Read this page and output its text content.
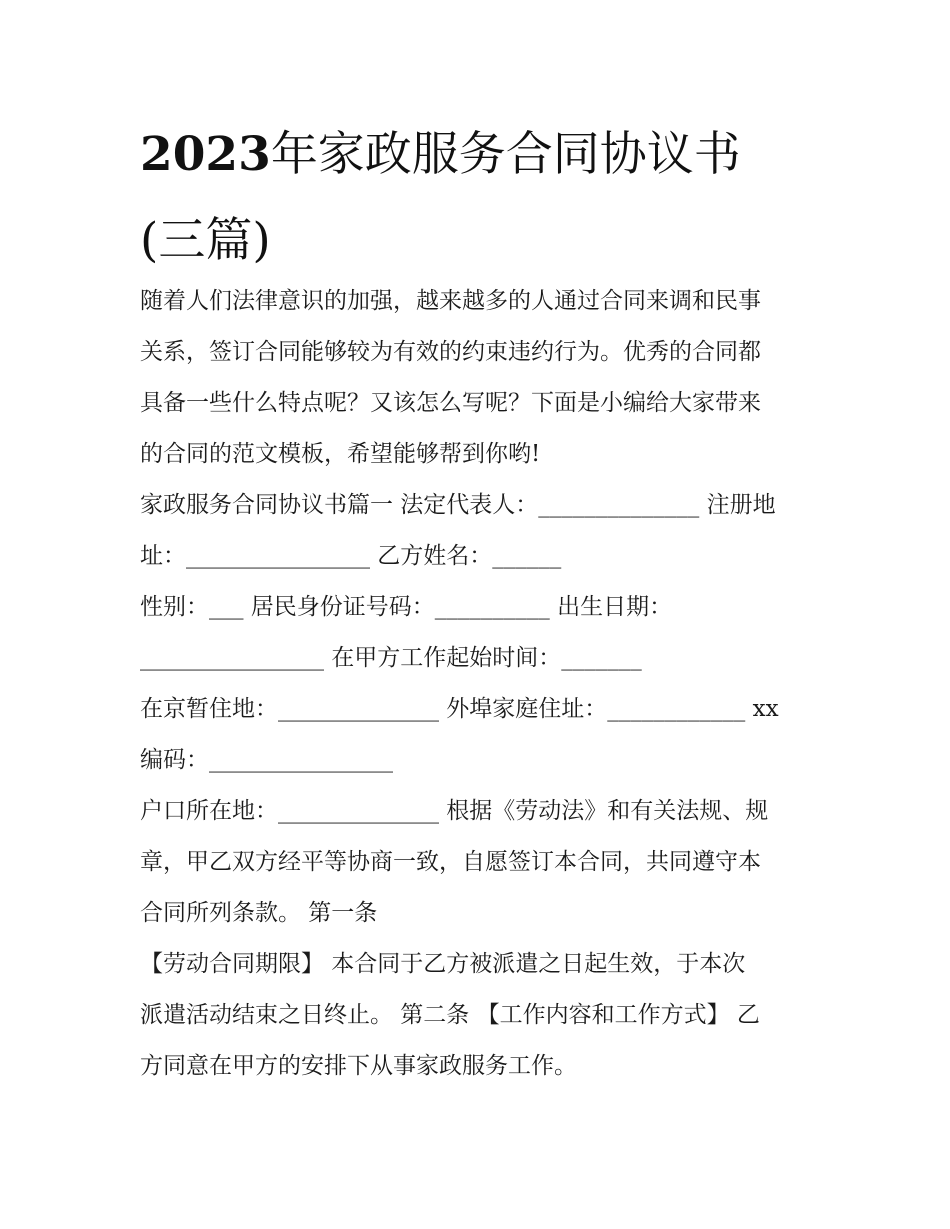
2023年家政服务合同协议书
(三篇)

随着人们法律意识的加强，越来越多的人通过合同来调和民事
关系，签订合同能够较为有效的约束违约行为。优秀的合同都
具备一些什么特点呢？又该怎么写呢？下面是小编给大家带来
的合同的范文模板，希望能够帮到你哟!

家政服务合同协议书篇一 法定代表人：______________ 注册地
址：________________ 乙方姓名：______

性别：___ 居民身份证号码：__________ 出生日期：
________________ 在甲方工作起始时间：_______

在京暂住地：______________ 外埠家庭住址：____________ xx
编码：________________

户口所在地：______________ 根据《劳动法》和有关法规、规
章，甲乙双方经平等协商一致，自愿签订本合同，共同遵守本
合同所列条款。 第一条

【劳动合同期限】 本合同于乙方被派遣之日起生效，于本次
派遣活动结束之日终止。 第二条 【工作内容和工作方式】 乙
方同意在甲方的安排下从事家政服务工作。
